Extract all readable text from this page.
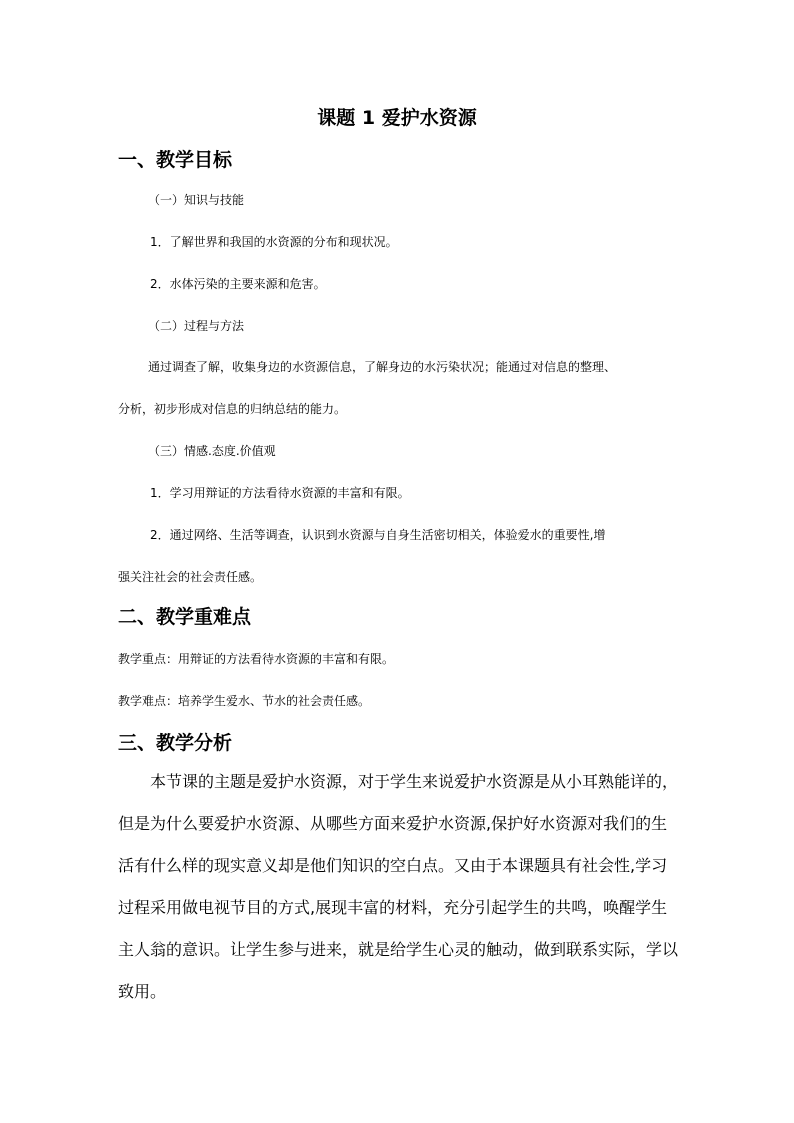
课题 1 爱护水资源
一、教学目标
（一）知识与技能
1．了解世界和我国的水资源的分布和现状况。
2．水体污染的主要来源和危害。
（二）过程与方法
通过调查了解，收集身边的水资源信息，了解身边的水污染状况；能通过对信息的整理、
分析，初步形成对信息的归纳总结的能力。
（三）情感.态度.价值观
1．学习用辩证的方法看待水资源的丰富和有限。
2．通过网络、生活等调查，认识到水资源与自身生活密切相关，体验爱水的重要性,增
强关注社会的社会责任感。
二、教学重难点
教学重点：用辩证的方法看待水资源的丰富和有限。
教学难点：培养学生爱水、节水的社会责任感。
三、教学分析
本节课的主题是爱护水资源，对于学生来说爱护水资源是从小耳熟能详的，
但是为什么要爱护水资源、从哪些方面来爱护水资源,保护好水资源对我们的生
活有什么样的现实意义却是他们知识的空白点。又由于本课题具有社会性,学习
过程采用做电视节目的方式,展现丰富的材料，充分引起学生的共鸣，唤醒学生
主人翁的意识。让学生参与进来，就是给学生心灵的触动，做到联系实际，学以
致用。
